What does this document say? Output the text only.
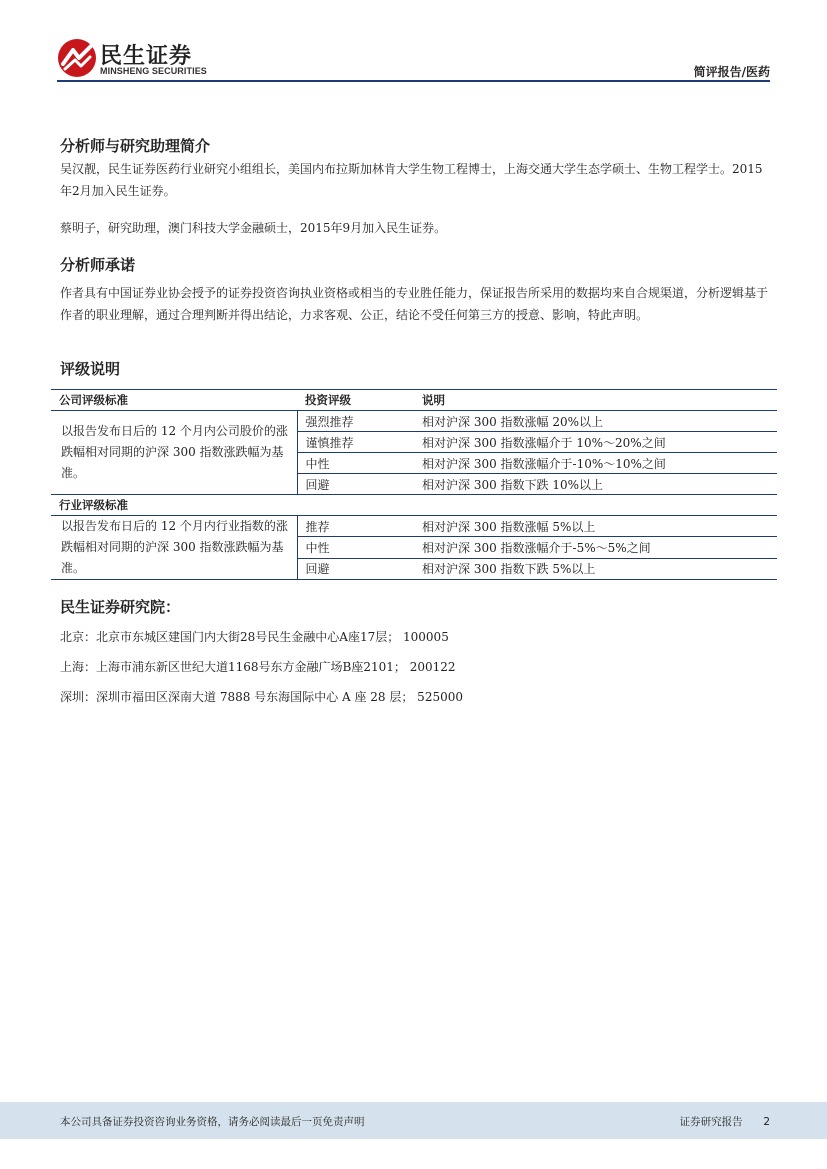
民生证券
MINSHENG SECURITIES	简评报告/医药
分析师与研究助理简介
吴汉靓，民生证券医药行业研究小组组长，美国内布拉斯加林肯大学生物工程博士，上海交通大学生态学硕士、生物工程学士。2015年2月加入民生证券。
蔡明子，研究助理，澳门科技大学金融硕士，2015年9月加入民生证券。
分析师承诺
作者具有中国证券业协会授予的证券投资咨询执业资格或相当的专业胜任能力，保证报告所采用的数据均来自合规渠道，分析逻辑基于作者的职业理解，通过合理判断并得出结论，力求客观、公正，结论不受任何第三方的授意、影响，特此声明。
评级说明
公司评级标准	投资评级	说明
以报告发布日后的 12 个月内公司股价的涨跌幅相对同期的沪深 300 指数涨跌幅为基准。	强烈推荐	相对沪深 300 指数涨幅 20%以上
	谨慎推荐	相对沪深 300 指数涨幅介于 10%～20%之间
	中性	相对沪深 300 指数涨幅介于-10%～10%之间
	回避	相对沪深 300 指数下跌 10%以上
行业评级标准		
以报告发布日后的 12 个月内行业指数的涨跌幅相对同期的沪深 300 指数涨跌幅为基准。	推荐	相对沪深 300 指数涨幅 5%以上
	中性	相对沪深 300 指数涨幅介于-5%～5%之间
	回避	相对沪深 300 指数下跌 5%以上
民生证券研究院：
北京：北京市东城区建国门内大街28号民生金融中心A座17层； 100005
上海：上海市浦东新区世纪大道1168号东方金融广场B座2101； 200122
深圳：深圳市福田区深南大道 7888 号东海国际中心 A 座 28 层； 525000
本公司具备证券投资咨询业务资格，请务必阅读最后一页免责声明	证券研究报告 2
